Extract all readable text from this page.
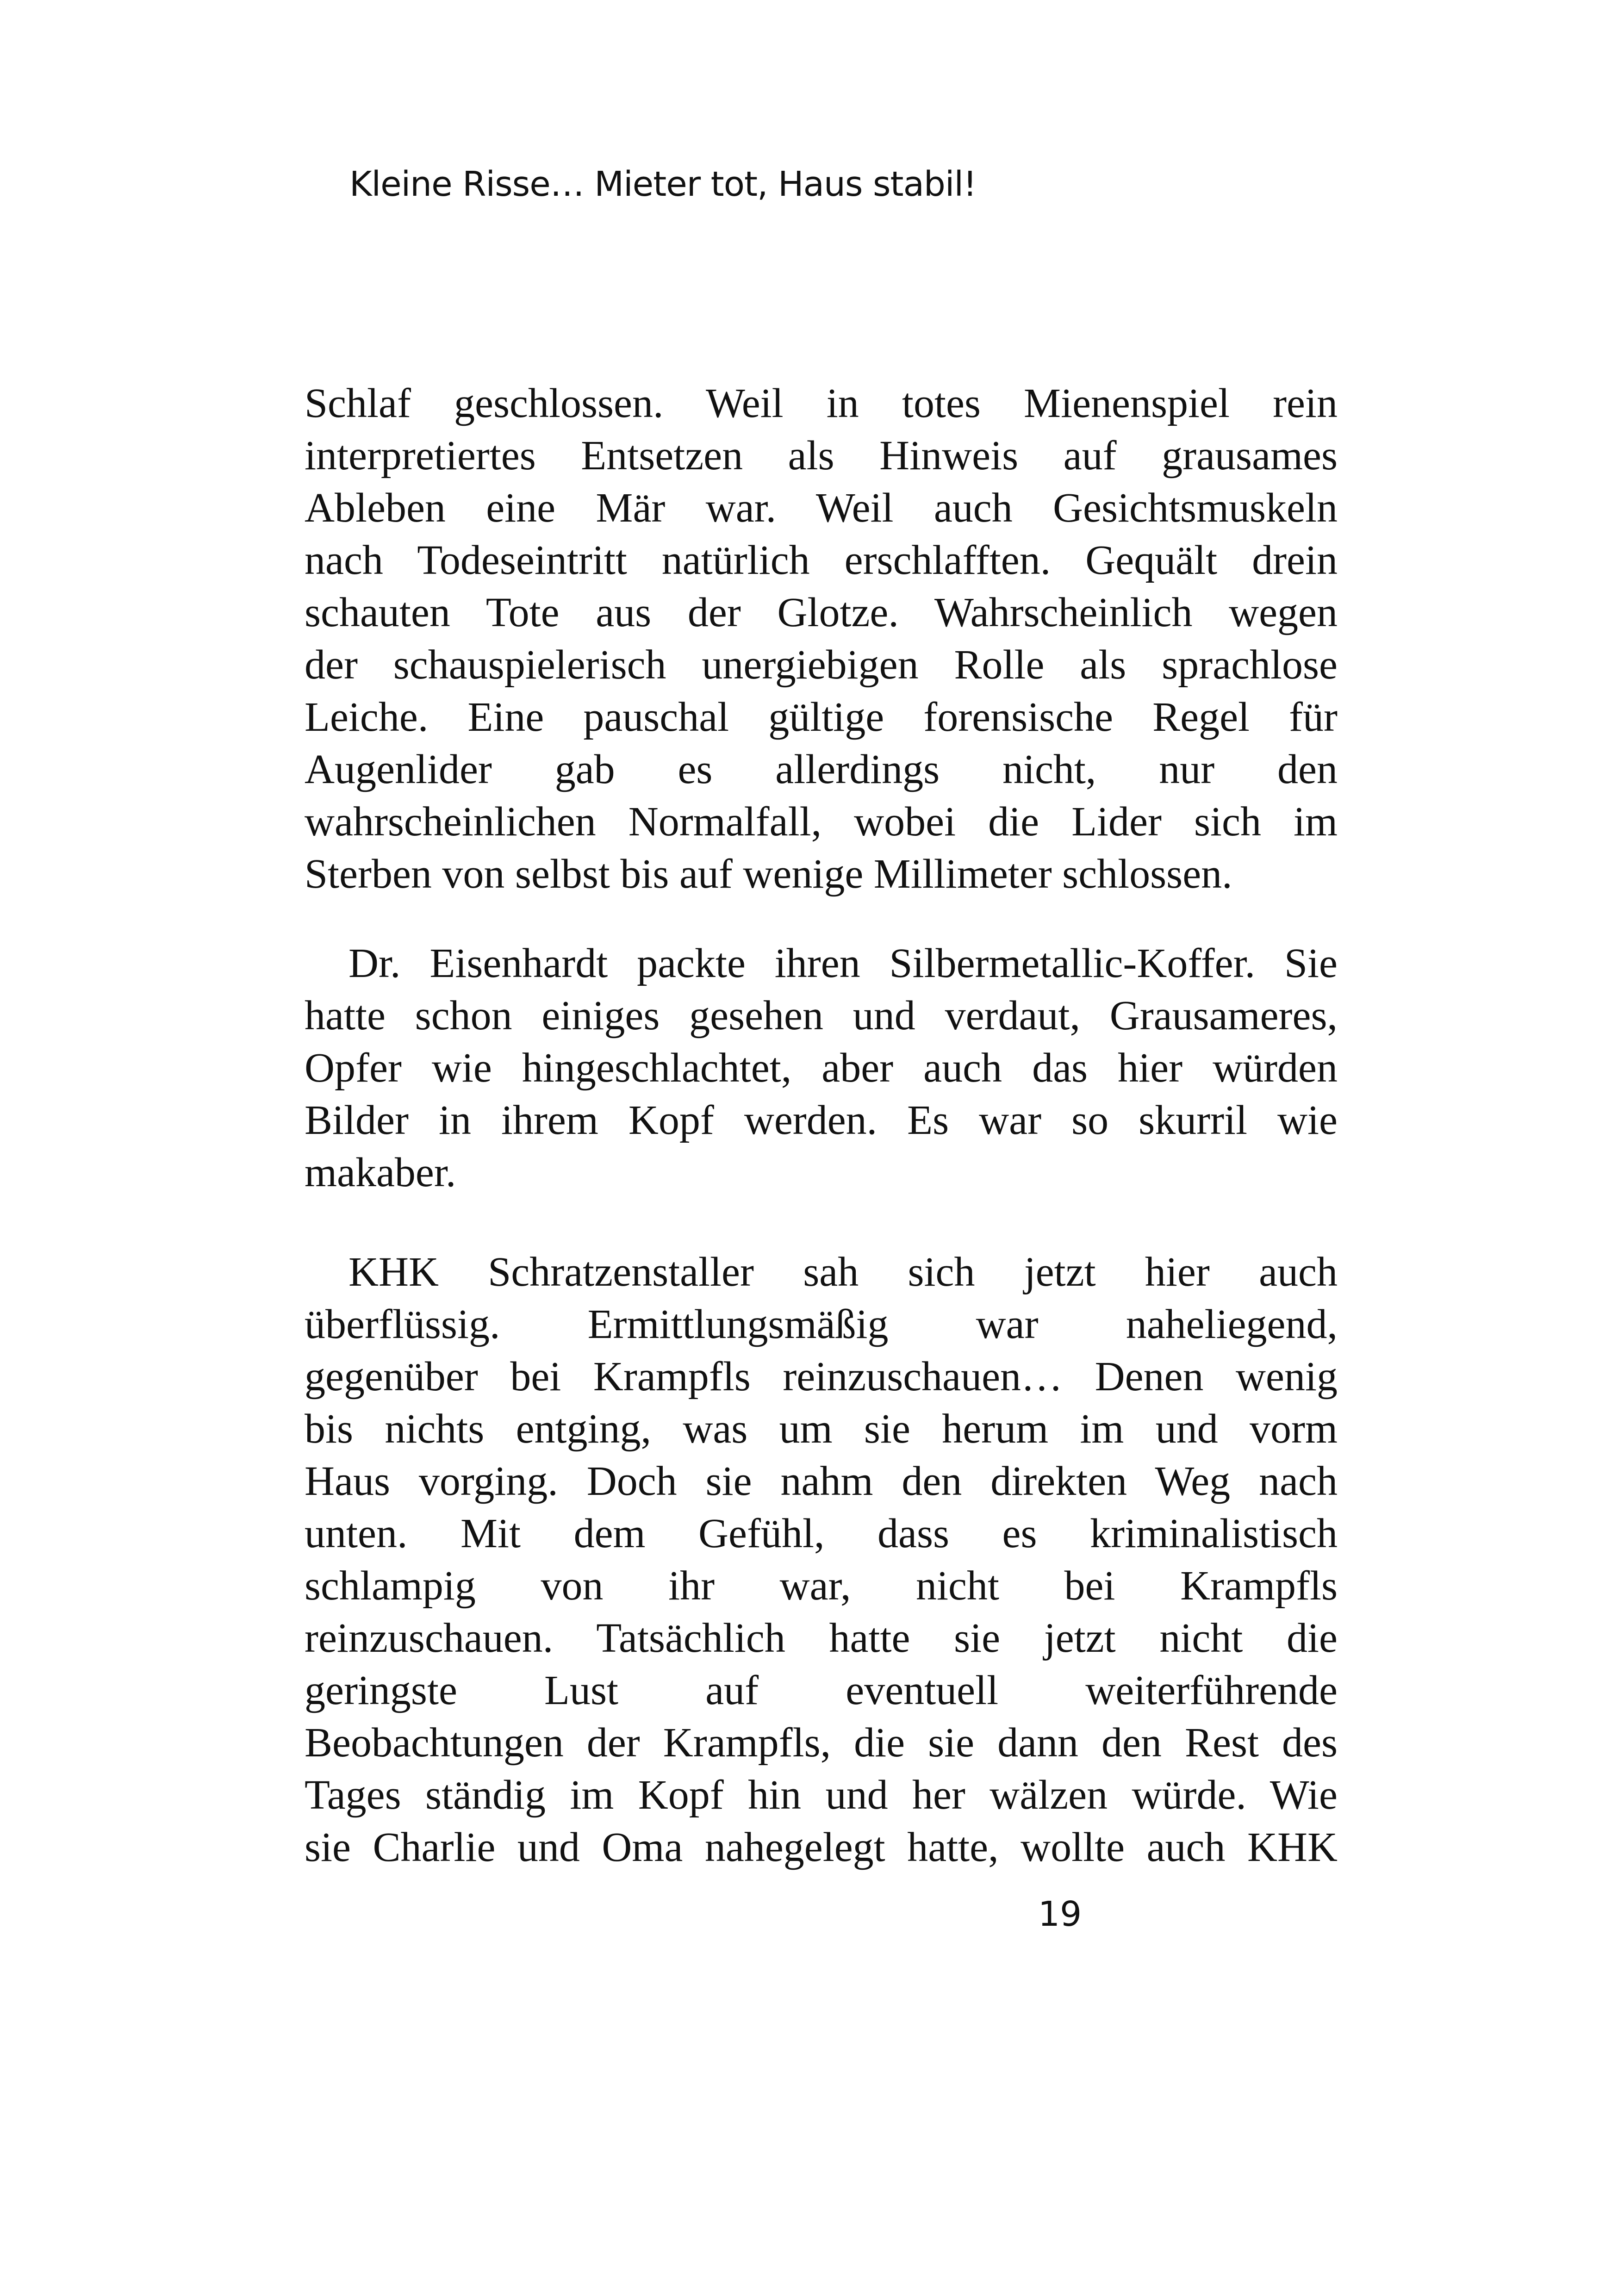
Kleine Risse… Mieter tot, Haus stabil!

Schlaf geschlossen. Weil in totes Mienenspiel rein
interpretiertes Entsetzen als Hinweis auf grausames
Ableben eine Mär war. Weil auch Gesichtsmuskeln
nach Todeseintritt natürlich erschlafften. Gequält drein
schauten Tote aus der Glotze. Wahrscheinlich wegen
der schauspielerisch unergiebigen Rolle als sprachlose
Leiche. Eine pauschal gültige forensische Regel für
Augenlider gab es allerdings nicht, nur den
wahrscheinlichen Normalfall, wobei die Lider sich im
Sterben von selbst bis auf wenige Millimeter schlossen.

Dr. Eisenhardt packte ihren Silbermetallic-Koffer. Sie
hatte schon einiges gesehen und verdaut, Grausameres,
Opfer wie hingeschlachtet, aber auch das hier würden
Bilder in ihrem Kopf werden. Es war so skurril wie
makaber.

KHK Schratzenstaller sah sich jetzt hier auch
überflüssig. Ermittlungsmäßig war naheliegend,
gegenüber bei Krampfls reinzuschauen… Denen wenig
bis nichts entging, was um sie herum im und vorm
Haus vorging. Doch sie nahm den direkten Weg nach
unten. Mit dem Gefühl, dass es kriminalistisch
schlampig von ihr war, nicht bei Krampfls
reinzuschauen. Tatsächlich hatte sie jetzt nicht die
geringste Lust auf eventuell weiterführende
Beobachtungen der Krampfls, die sie dann den Rest des
Tages ständig im Kopf hin und her wälzen würde. Wie
sie Charlie und Oma nahegelegt hatte, wollte auch KHK

19
